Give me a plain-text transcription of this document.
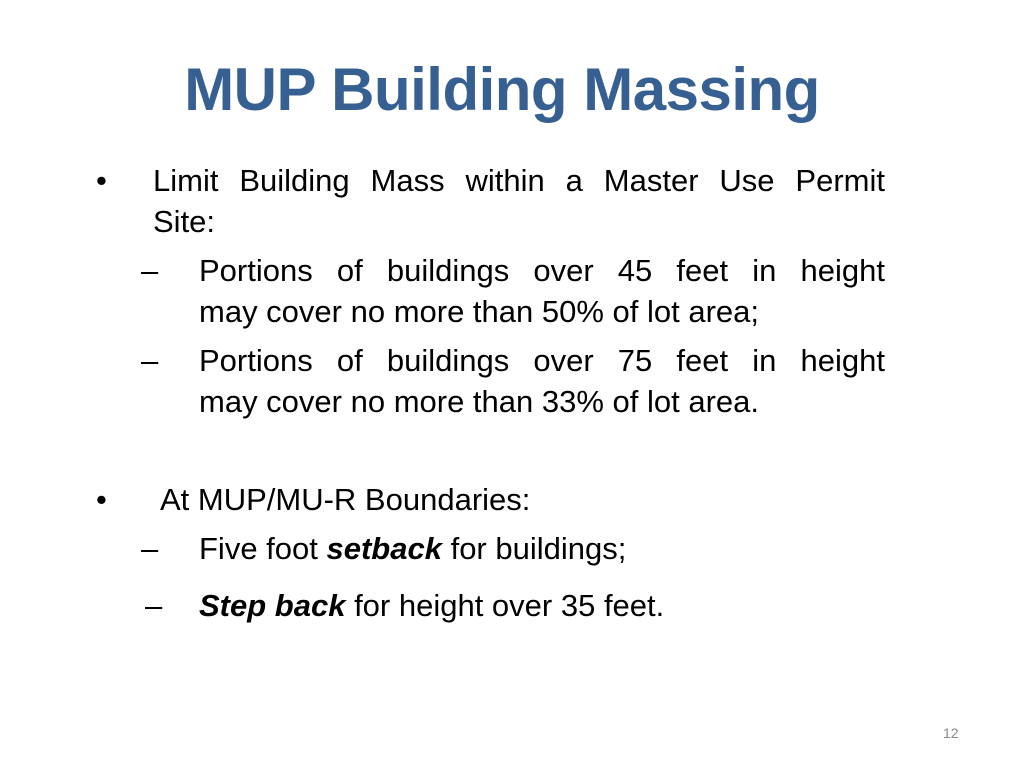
MUP Building Massing
• Limit Building Mass within a Master Use Permit
Site:
– Portions of buildings over 45 feet in height
may cover no more than 50% of lot area;
– Portions of buildings over 75 feet in height
may cover no more than 33% of lot area.
• At MUP/MU-R Boundaries:
– Five foot setback for buildings;
– Step back for height over 35 feet.
12
